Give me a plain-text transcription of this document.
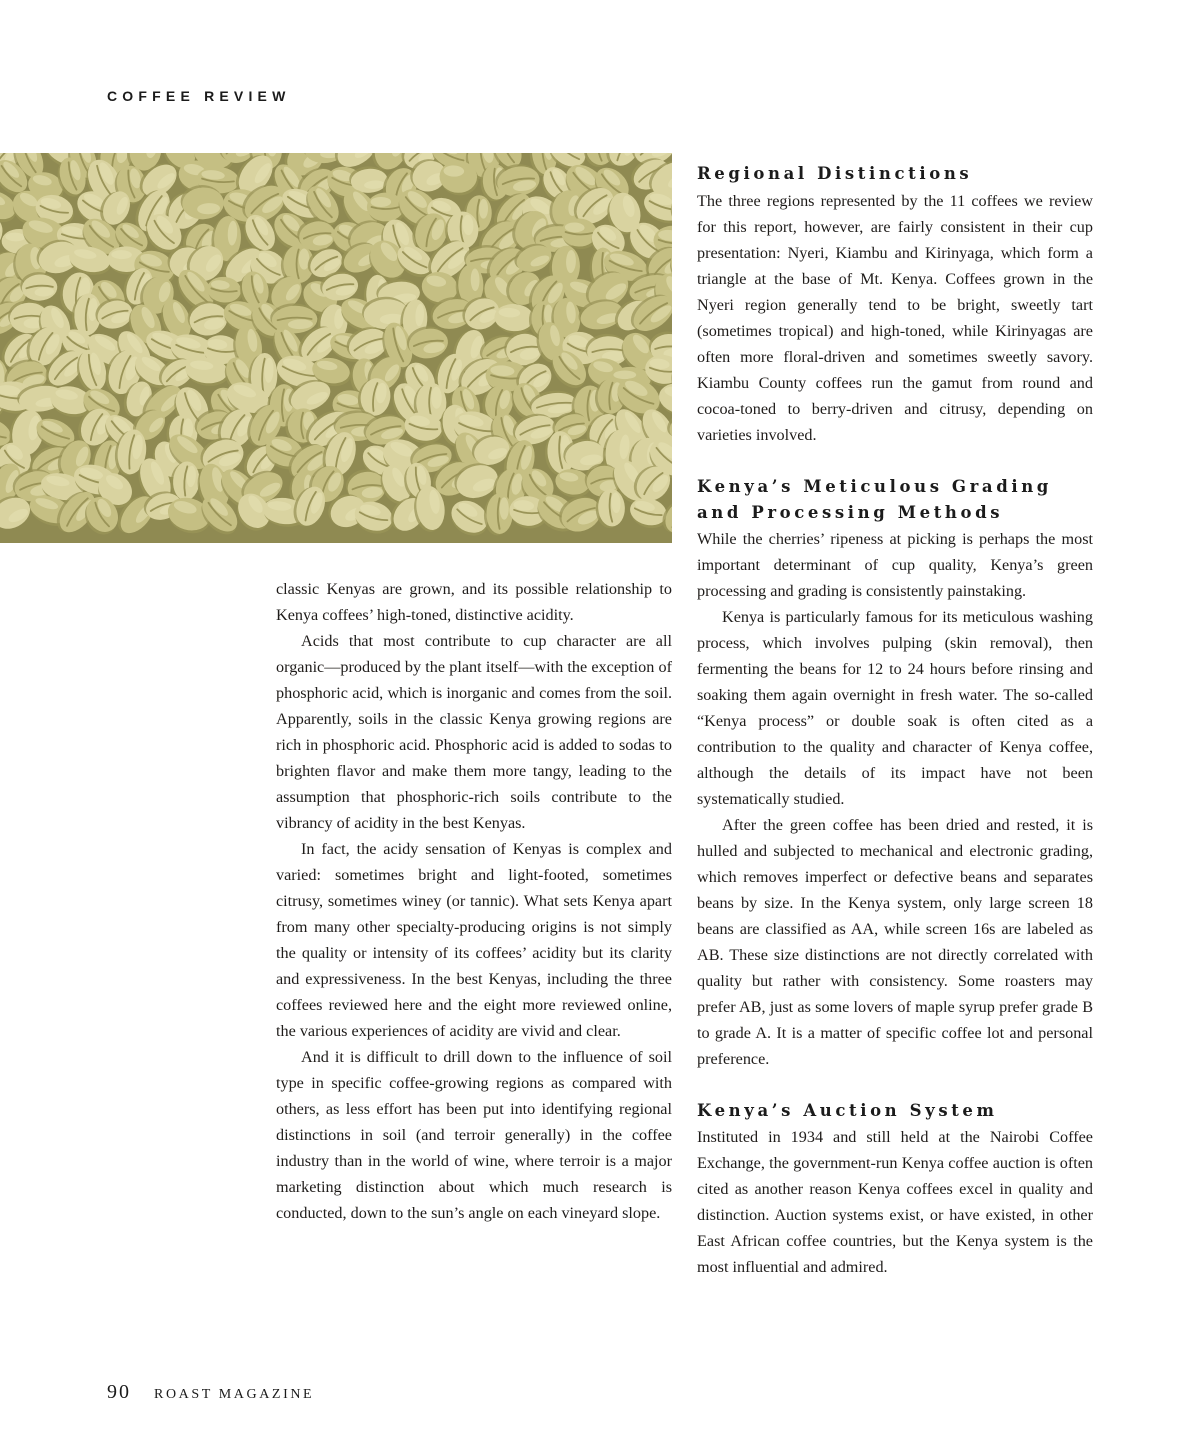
COFFEE REVIEW

classic Kenyas are grown, and its possible relationship to Kenya coffees’ high-toned, distinctive acidity.

Acids that most contribute to cup character are all organic—produced by the plant itself—with the exception of phosphoric acid, which is inorganic and comes from the soil. Apparently, soils in the classic Kenya growing regions are rich in phosphoric acid. Phosphoric acid is added to sodas to brighten flavor and make them more tangy, leading to the assumption that phosphoric-rich soils contribute to the vibrancy of acidity in the best Kenyas.

In fact, the acidy sensation of Kenyas is complex and varied: sometimes bright and light-footed, sometimes citrusy, sometimes winey (or tannic). What sets Kenya apart from many other specialty-producing origins is not simply the quality or intensity of its coffees’ acidity but its clarity and expressiveness. In the best Kenyas, including the three coffees reviewed here and the eight more reviewed online, the various experiences of acidity are vivid and clear.

And it is difficult to drill down to the influence of soil type in specific coffee-growing regions as compared with others, as less effort has been put into identifying regional distinctions in soil (and terroir generally) in the coffee industry than in the world of wine, where terroir is a major marketing distinction about which much research is conducted, down to the sun’s angle on each vineyard slope.

Regional Distinctions

The three regions represented by the 11 coffees we review for this report, however, are fairly consistent in their cup presentation: Nyeri, Kiambu and Kirinyaga, which form a triangle at the base of Mt. Kenya. Coffees grown in the Nyeri region generally tend to be bright, sweetly tart (sometimes tropical) and high-toned, while Kirinyagas are often more floral-driven and sometimes sweetly savory. Kiambu County coffees run the gamut from round and cocoa-toned to berry-driven and citrusy, depending on varieties involved.

Kenya’s Meticulous Grading and Processing Methods

While the cherries’ ripeness at picking is perhaps the most important determinant of cup quality, Kenya’s green processing and grading is consistently painstaking.

Kenya is particularly famous for its meticulous washing process, which involves pulping (skin removal), then fermenting the beans for 12 to 24 hours before rinsing and soaking them again overnight in fresh water. The so-called “Kenya process” or double soak is often cited as a contribution to the quality and character of Kenya coffee, although the details of its impact have not been systematically studied.

After the green coffee has been dried and rested, it is hulled and subjected to mechanical and electronic grading, which removes imperfect or defective beans and separates beans by size. In the Kenya system, only large screen 18 beans are classified as AA, while screen 16s are labeled as AB. These size distinctions are not directly correlated with quality but rather with consistency. Some roasters may prefer AB, just as some lovers of maple syrup prefer grade B to grade A. It is a matter of specific coffee lot and personal preference.

Kenya’s Auction System

Instituted in 1934 and still held at the Nairobi Coffee Exchange, the government-run Kenya coffee auction is often cited as another reason Kenya coffees excel in quality and distinction. Auction systems exist, or have existed, in other East African coffee countries, but the Kenya system is the most influential and admired.

90 ROAST MAGAZINE
